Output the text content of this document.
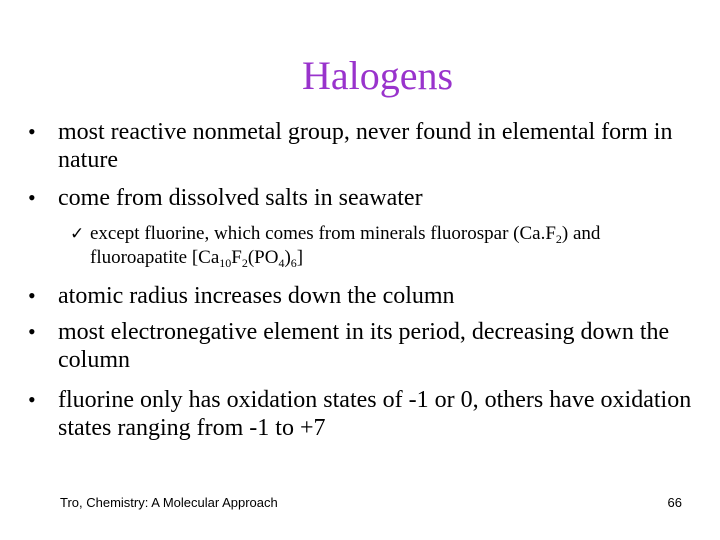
Halogens
• most reactive nonmetal group, never found in elemental form in nature
• come from dissolved salts in seawater
✓ except fluorine, which comes from minerals fluorospar $(Ca.F_2)$ and fluoroapatite $[Ca_{10}F_2(PO_4)_6]$
• atomic radius increases down the column
• most electronegative element in its period, decreasing down the column
• fluorine only has oxidation states of -1 or 0, others have oxidation states ranging from -1 to +7
Tro, Chemistry: A Molecular Approach	66
